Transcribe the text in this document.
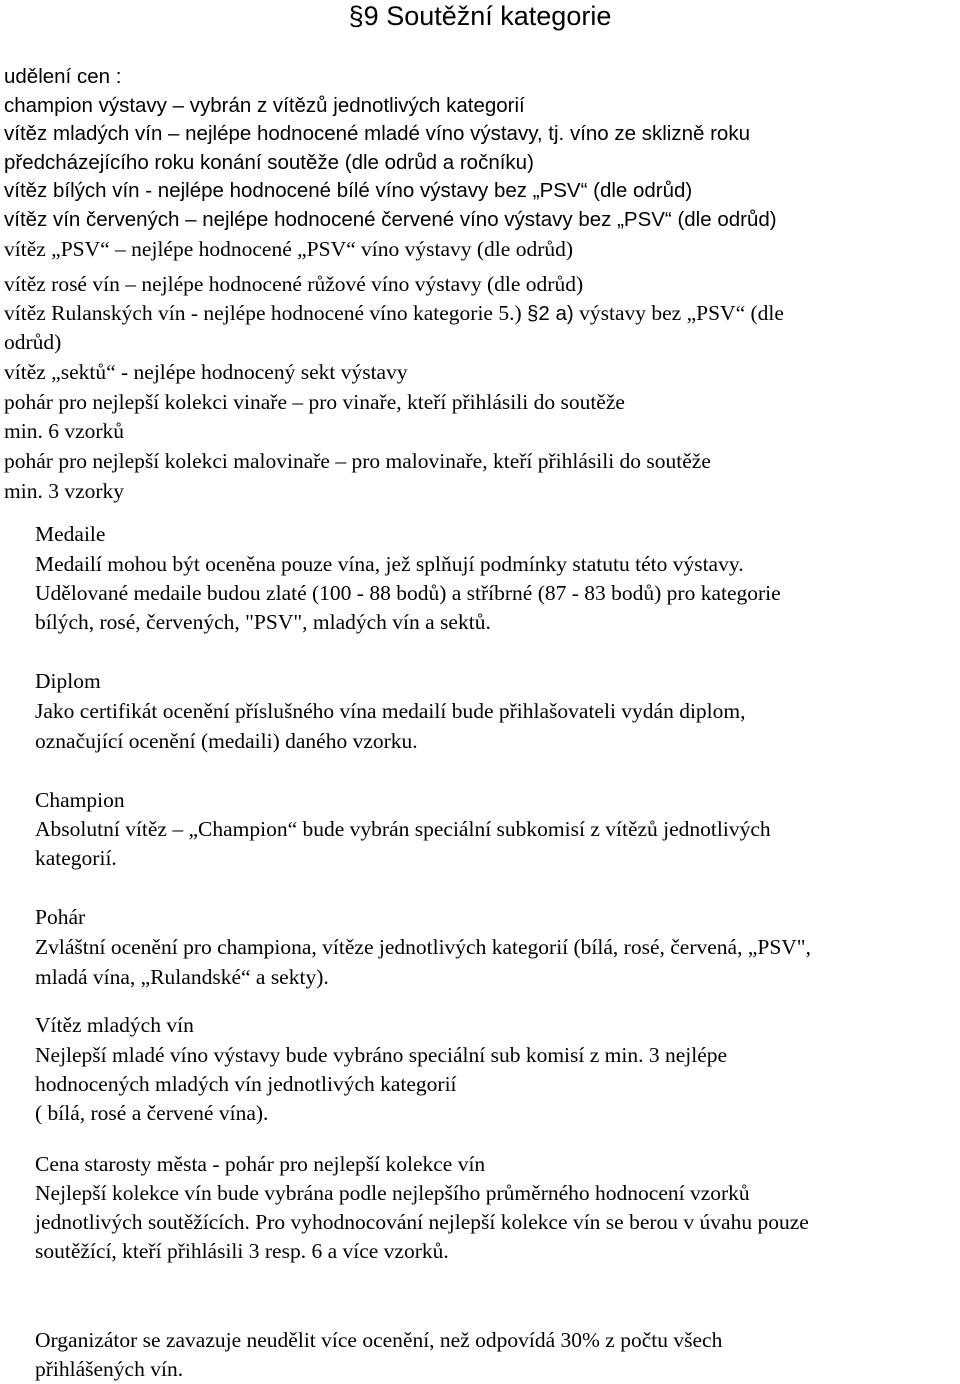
§9 Soutěžní kategorie
udělení cen :
champion výstavy – vybrán z vítězů jednotlivých kategorií
vítěz mladých vín – nejlépe hodnocené mladé víno výstavy, tj. víno ze sklizně roku
předcházejícího roku konání soutěže (dle odrůd a ročníku)
vítěz bílých vín - nejlépe hodnocené bílé víno výstavy bez „PSV“ (dle odrůd)
vítěz vín červených – nejlépe hodnocené červené víno výstavy bez „PSV“ (dle odrůd)
vítěz „PSV“ – nejlépe hodnocené „PSV“ víno výstavy (dle odrůd)
vítěz rosé vín – nejlépe hodnocené růžové víno výstavy (dle odrůd)
vítěz Rulanských vín - nejlépe hodnocené víno kategorie 5.) §2 a) výstavy bez „PSV“ (dle
odrůd)
vítěz „sektů“ - nejlépe hodnocený sekt výstavy
pohár pro nejlepší kolekci vinaře – pro vinaře, kteří přihlásili do soutěže
min. 6 vzorků
pohár pro nejlepší kolekci malovinaře – pro malovinaře, kteří přihlásili do soutěže
min. 3 vzorky
Medaile
Medailí mohou být oceněna pouze vína, jež splňují podmínky statutu této výstavy.
Udělované medaile budou zlaté (100 - 88 bodů) a stříbrné (87 - 83 bodů) pro kategorie
bílých, rosé, červených, "PSV", mladých vín a sektů.
Diplom
Jako certifikát ocenění příslušného vína medailí bude přihlašovateli vydán diplom,
označující ocenění (medaili) daného vzorku.
Champion
Absolutní vítěz – „Champion“ bude vybrán speciální subkomisí z vítězů jednotlivých
kategorií.
Pohár
Zvláštní ocenění pro championa, vítěze jednotlivých kategorií (bílá, rosé, červená, „PSV",
mladá vína, „Rulandské“ a sekty).
Vítěz mladých vín
Nejlepší mladé víno výstavy bude vybráno speciální sub komisí z min. 3 nejlépe
hodnocených mladých vín jednotlivých kategorií
( bílá, rosé a červené vína).
Cena starosty města - pohár pro nejlepší kolekce vín
Nejlepší kolekce vín bude vybrána podle nejlepšího průměrného hodnocení vzorků
jednotlivých soutěžících. Pro vyhodnocování nejlepší kolekce vín se berou v úvahu pouze
soutěžící, kteří přihlásili 3 resp. 6 a více vzorků.
Organizátor se zavazuje neudělit více ocenění, než odpovídá 30% z počtu všech
přihlášených vín.
